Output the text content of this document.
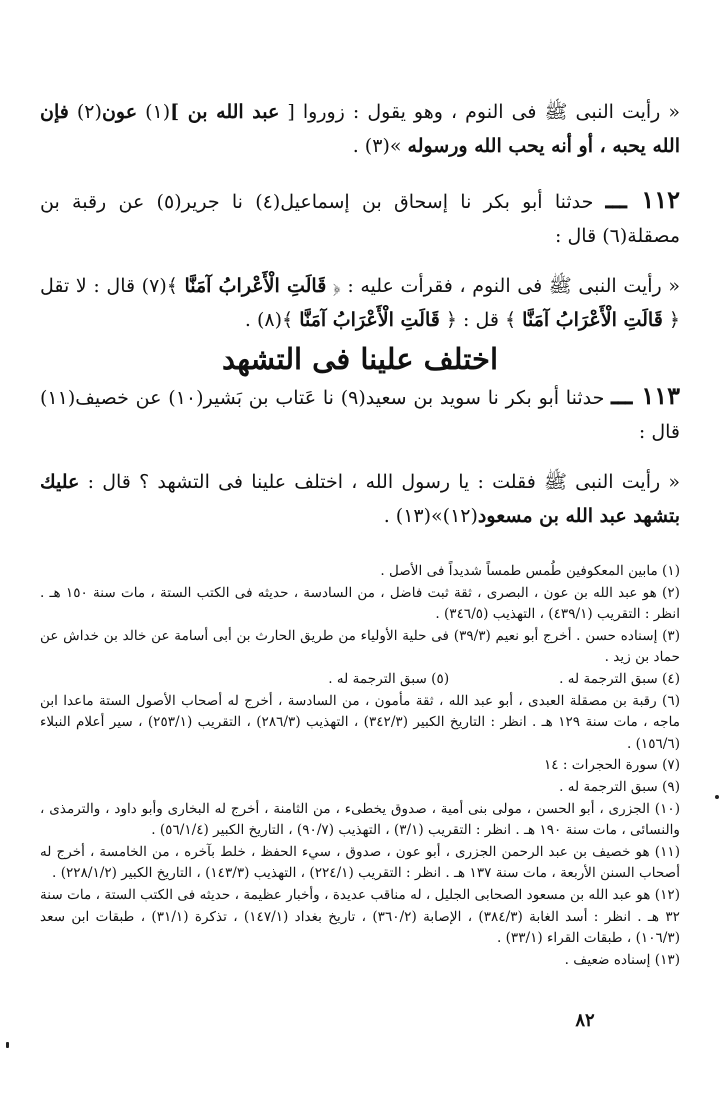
« رأيت النبى ﷺ فى النوم ، وهو يقول : زوروا [ عبد الله بن ](١) عون(٢) فإن الله يحبه ، أو أنه يحب الله ورسوله »(٣) .

١١٢ ـــ حدثنا أبو بكر نا إسحاق بن إسماعيل(٤) نا جرير(٥) عن رقبة بن مصقلة(٦) قال :

« رأيت النبى ﷺ فى النوم ، فقرأت عليه : ﴿ قَالَتِ الْأَعْرابُ آمَنَّا ﴾(٧) قال : لا تقل ﴿ قَالَتِ الْأَعْرَابُ آمَنَّا ﴾ قل : ﴿ قَالَتِ الْأَعْرَابُ آمَنَّا ﴾(٨) .

اختلف علينا فى التشهد

١١٣ ـــ حدثنا أبو بكر نا سويد بن سعيد(٩) نا عَتاب بن بَشير(١٠) عن خصيف(١١) قال :

« رأيت النبى ﷺ فقلت : يا رسول الله ، اختلف علينا فى التشهد ؟ قال : عليك بتشهد عبد الله بن مسعود(١٢)»(١٣) .

(١) مابين المعكوفين طُمس طمساً شديداً فى الأصل .

(٢) هو عبد الله بن عون ، البصرى ، ثقة ثبت فاضل ، من السادسة ، حديثه فى الكتب الستة ، مات سنة ١٥٠ هـ . انظر : التقريب (٤٣٩/١) ، التهذيب (٣٤٦/٥) .

(٣) إسناده حسن . أخرج أبو نعيم (٣٩/٣) فى حلية الأولياء من طريق الحارث بن أبى أسامة عن خالد بن خداش عن حماد بن زيد .

(٤) سبق الترجمة له .

(٥) سبق الترجمة له .

(٦) رقبة بن مصقلة العبدى ، أبو عبد الله ، ثقة مأمون ، من السادسة ، أخرج له أصحاب الأصول الستة ماعدا ابن ماجه ، مات سنة ١٢٩ هـ . انظر : التاريخ الكبير (٣٤٢/٣) ، التهذيب (٢٨٦/٣) ، التقريب (٢٥٣/١) ، سير أعلام النبلاء (١٥٦/٦) .

(٧) سورة الحجرات : ١٤

(٩) سبق الترجمة له .

(١٠) الجزرى ، أبو الحسن ، مولى بنى أمية ، صدوق يخطىء ، من الثامنة ، أخرج له البخارى وأبو داود ، والترمذى ، والنسائى ، مات سنة ١٩٠ هـ . انظر : التقريب (٣/١) ، التهذيب (٩٠/٧) ، التاريخ الكبير (٥٦/١/٤) .

(١١) هو خصيف بن عبد الرحمن الجزرى ، أبو عون ، صدوق ، سيء الحفظ ، خلط بآخره ، من الخامسة ، أخرج له أصحاب السنن الأربعة ، مات سنة ١٣٧ هـ . انظر : التقريب (٢٢٤/١) ، التهذيب (١٤٣/٣) ، التاريخ الكبير (٢٢٨/١/٢) .

(١٢) هو عبد الله بن مسعود الصحابى الجليل ، له مناقب عديدة ، وأخبار عظيمة ، حديثه فى الكتب الستة ، مات سنة ٣٢ هـ . انظر : أسد الغابة (٣٨٤/٣) ، الإصابة (٣٦٠/٢) ، تاريخ بغداد (١٤٧/١) ، تذكرة (٣١/١) ، طبقات ابن سعد (١٠٦/٣) ، طبقات القراء (٣٣/١) .

(١٣) إسناده ضعيف .

٨٢
